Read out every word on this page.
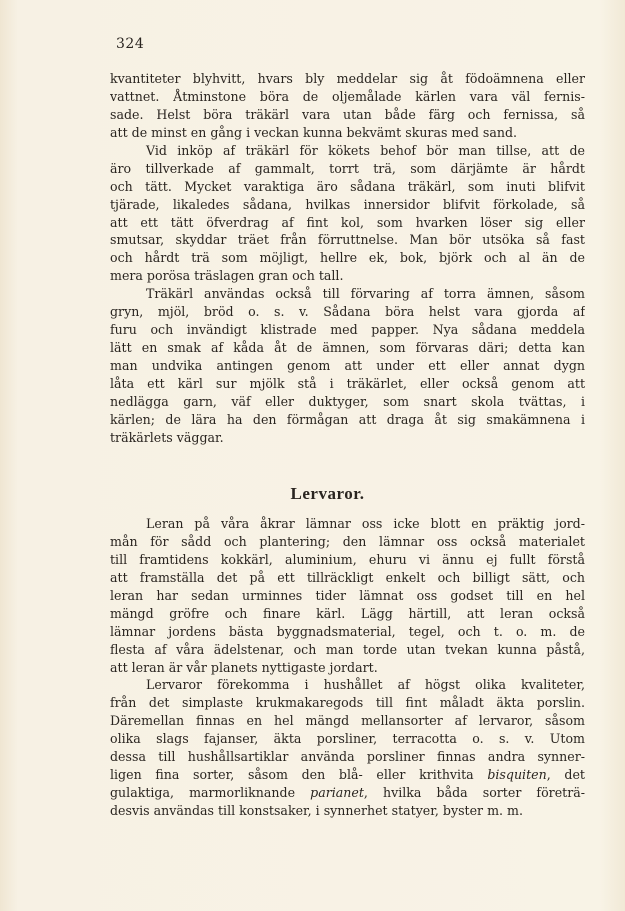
324
kvantiteter blyhvitt, hvars bly meddelar sig åt födoämnena eller
vattnet. Åtminstone böra de oljemålade kärlen vara väl fernis-
sade. Helst böra träkärl vara utan både färg och fernissa, så
att de minst en gång i veckan kunna bekvämt skuras med sand.
Vid inköp af träkärl för kökets behof bör man tillse, att de
äro tillverkade af gammalt, torrt trä, som därjämte är hårdt
och tätt. Mycket varaktiga äro sådana träkärl, som inuti blifvit
tjärade, likaledes sådana, hvilkas innersidor blifvit förkolade, så
att ett tätt öfverdrag af fint kol, som hvarken löser sig eller
smutsar, skyddar träet från förruttnelse. Man bör utsöka så fast
och hårdt trä som möjligt, hellre ek, bok, björk och al än de
mera porösa träslagen gran och tall.
Träkärl användas också till förvaring af torra ämnen, såsom
gryn, mjöl, bröd o. s. v. Sådana böra helst vara gjorda af
furu och invändigt klistrade med papper. Nya sådana meddela
lätt en smak af kåda åt de ämnen, som förvaras däri; detta kan
man undvika antingen genom att under ett eller annat dygn
låta ett kärl sur mjölk stå i träkärlet, eller också genom att
nedlägga garn, väf eller duktyger, som snart skola tvättas, i
kärlen; de lära ha den förmågan att draga åt sig smakämnena i
träkärlets väggar.
Lervaror.
Leran på våra åkrar lämnar oss icke blott en präktig jord-
mån för sådd och plantering; den lämnar oss också materialet
till framtidens kokkärl, aluminium, ehuru vi ännu ej fullt förstå
att framställa det på ett tillräckligt enkelt och billigt sätt, och
leran har sedan urminnes tider lämnat oss godset till en hel
mängd gröfre och finare kärl. Lägg härtill, att leran också
lämnar jordens bästa byggnadsmaterial, tegel, och t. o. m. de
flesta af våra ädelstenar, och man torde utan tvekan kunna påstå,
att leran är vår planets nyttigaste jordart.
Lervaror förekomma i hushållet af högst olika kvaliteter,
från det simplaste krukmakaregods till fint måladt äkta porslin.
Däremellan finnas en hel mängd mellansorter af lervaror, såsom
olika slags fajanser, äkta porsliner, terracotta o. s. v. Utom
dessa till hushållsartiklar använda porsliner finnas andra synner-
ligen fina sorter, såsom den blå- eller krithvita bisquiten, det
gulaktiga, marmorliknande parianet, hvilka båda sorter företrä-
desvis användas till konstsaker, i synnerhet statyer, byster m. m.
